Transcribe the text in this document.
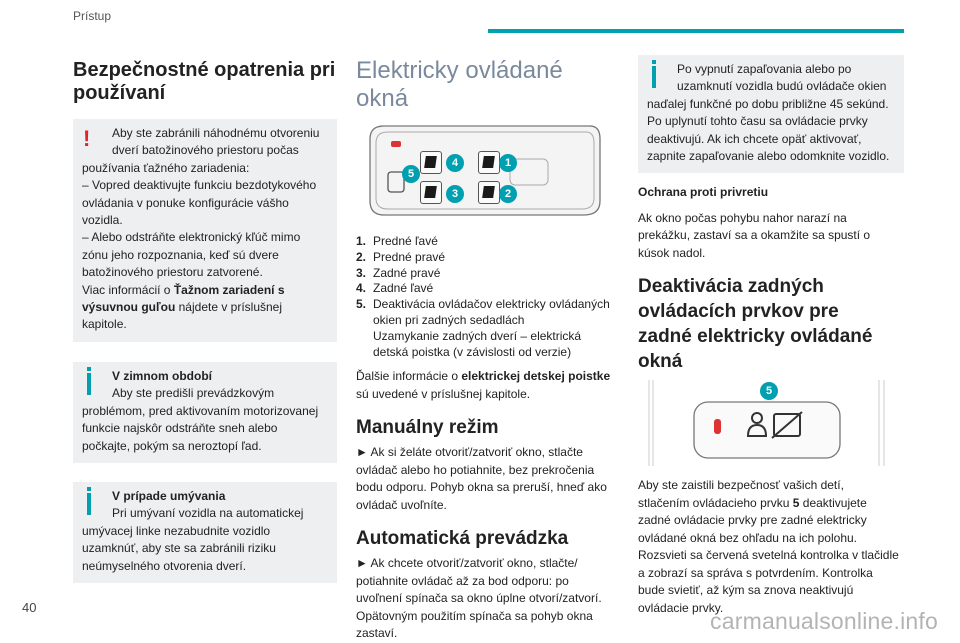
Prístup
40
carmanualsonline.info
Bezpečnostné opatrenia pri používaní
!	Aby ste zabránili náhodnému otvoreniu
dverí batožinového priestoru počas
používania ťažného zariadenia:
– Vopred deaktivujte funkciu bezdotykového
ovládania v ponuke konfigurácie vášho
vozidla.
– Alebo odstráňte elektronický kľúč mimo
zónu jeho rozpoznania, keď sú dvere
batožinového priestoru zatvorené.
Viac informácií o Ťažnom zariadení s
výsuvnou guľou nájdete v príslušnej
kapitole.
V zimnom období
Aby ste predišli prevádzkovým
problémom, pred aktivovaním motorizovanej
funkcie najskôr odstráňte sneh alebo
počkajte, pokým sa neroztopí ľad.
V prípade umývania
Pri umývaní vozidla na automatickej
umývacej linke nezabudnite vozidlo
uzamknúť, aby ste sa zabránili riziku
neúmyselného otvorenia dverí.
Elektricky ovládané okná
5
4	1
3	2
1. Predné ľavé
2. Predné pravé
3. Zadné pravé
4. Zadné ľavé
5. Deaktivácia ovládačov elektricky ovládaných
okien pri zadných sedadlách
Uzamykanie zadných dverí – elektrická
detská poistka (v závislosti od verzie)

Ďalšie informácie o elektrickej detskej poistke
sú uvedené v príslušnej kapitole.

Manuálny režim

► Ak si želáte otvoriť/zatvoriť okno, stlačte
ovládač alebo ho potiahnite, bez prekročenia
bodu odporu. Pohyb okna sa preruší, hneď ako
ovládač uvoľníte.

Automatická prevádzka

► Ak chcete otvoriť/zatvoriť okno, stlačte/
potiahnite ovládač až za bod odporu: po
uvoľnení spínača sa okno úplne otvorí/zatvorí.
Opätovným použitím spínača sa pohyb okna
zastaví.

Po vypnutí zapaľovania alebo po
uzamknutí vozidla budú ovládače okien
naďalej funkčné po dobu približne 45 sekúnd.
Po uplynutí tohto času sa ovládacie prvky
deaktivujú. Ak ich chcete opäť aktivovať,
zapnite zapaľovanie alebo odomknite vozidlo.

Ochrana proti privretiu

Ak okno počas pohybu nahor narazí na
prekážku, zastaví sa a okamžite sa spustí o
kúsok nadol.

Deaktivácia zadných
ovládacích prvkov pre
zadné elektricky ovládané
okná
5

Aby ste zaistili bezpečnosť vašich detí,
stlačením ovládacieho prvku 5 deaktivujete
zadné ovládacie prvky pre zadné elektricky
ovládané okná bez ohľadu na ich polohu.
Rozsvieti sa červená svetelná kontrolka v tlačidle
a zobrazí sa správa s potvrdením. Kontrolka
bude svietiť, až kým sa znova neaktivujú
ovládacie prvky.
